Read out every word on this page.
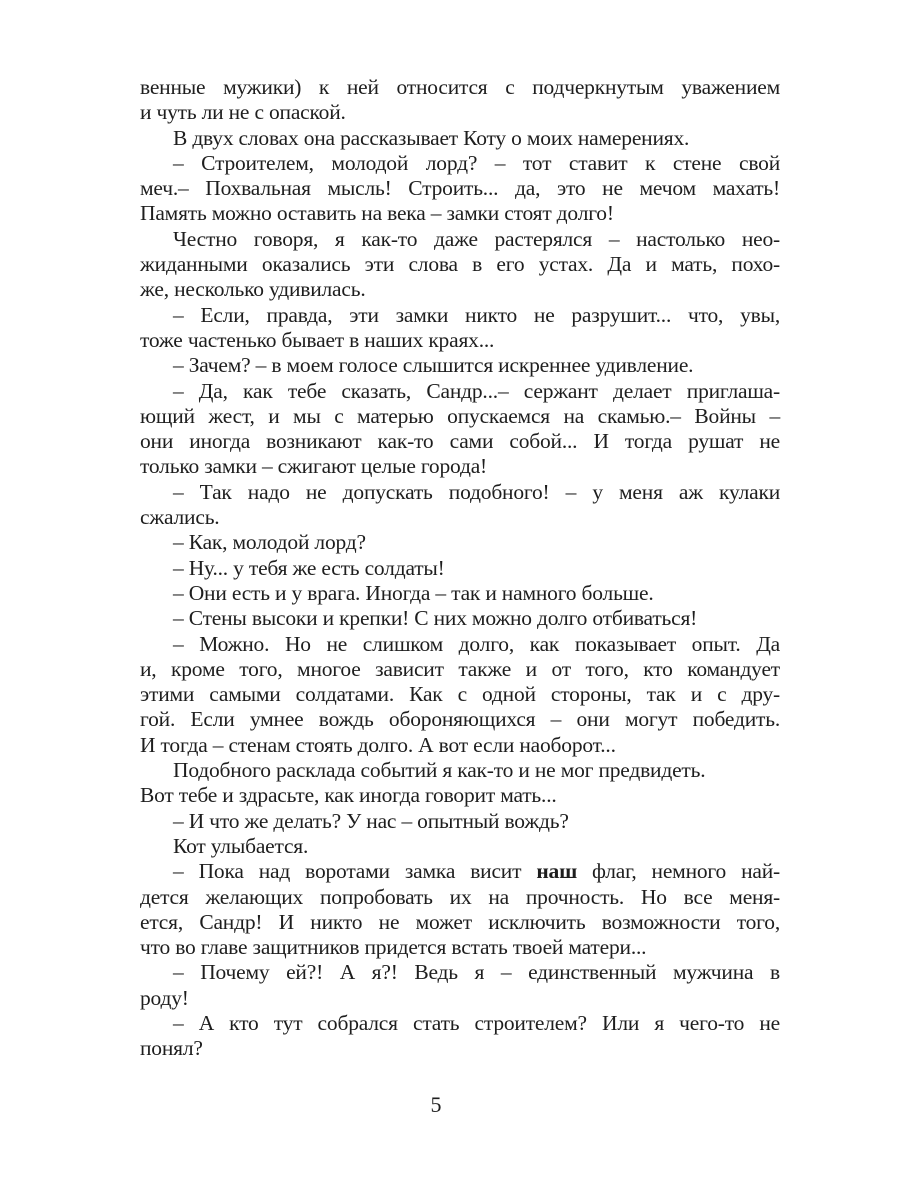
венные мужики) к ней относится с подчеркнутым уважением
и чуть ли не с опаской.
В двух словах она рассказывает Коту о моих намерениях.
– Строителем, молодой лорд? – тот ставит к стене свой
меч.– Похвальная мысль! Строить... да, это не мечом махать!
Память можно оставить на века – замки стоят долго!
Честно говоря, я как-то даже растерялся – настолько нео-
жиданными оказались эти слова в его устах. Да и мать, похо-
же, несколько удивилась.
– Если, правда, эти замки никто не разрушит... что, увы,
тоже частенько бывает в наших краях...
– Зачем? – в моем голосе слышится искреннее удивление.
– Да, как тебе сказать, Сандр...– сержант делает приглаша-
ющий жест, и мы с матерью опускаемся на скамью.– Войны –
они иногда возникают как-то сами собой... И тогда рушат не
только замки – сжигают целые города!
– Так надо не допускать подобного! – у меня аж кулаки
сжались.
– Как, молодой лорд?
– Ну... у тебя же есть солдаты!
– Они есть и у врага. Иногда – так и намного больше.
– Стены высоки и крепки! С них можно долго отбиваться!
– Можно. Но не слишком долго, как показывает опыт. Да
и, кроме того, многое зависит также и от того, кто командует
этими самыми солдатами. Как с одной стороны, так и с дру-
гой. Если умнее вождь обороняющихся – они могут победить.
И тогда – стенам стоять долго. А вот если наоборот...
Подобного расклада событий я как-то и не мог предвидеть.
Вот тебе и здрасьте, как иногда говорит мать...
– И что же делать? У нас – опытный вождь?
Кот улыбается.
– Пока над воротами замка висит наш флаг, немного най-
дется желающих попробовать их на прочность. Но все меня-
ется, Сандр! И никто не может исключить возможности того,
что во главе защитников придется встать твоей матери...
– Почему ей?! А я?! Ведь я – единственный мужчина в
роду!
– А кто тут собрался стать строителем? Или я чего-то не
понял?
5
